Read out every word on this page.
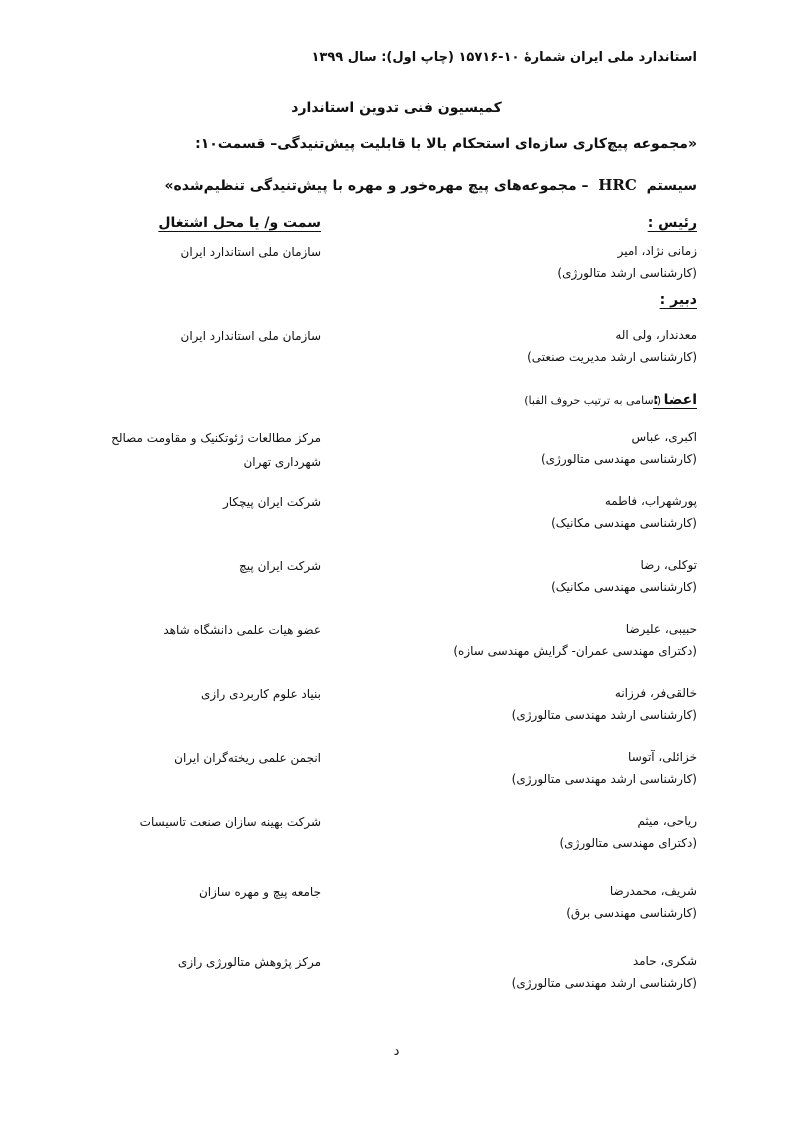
استاندارد ملی ایران شمارۀ ۱۰-۱۵۷۱۶ (چاپ اول): سال ۱۳۹۹
کمیسیون فنی تدوین استاندارد
«مجموعه پیچ‌کاری سازه‌ای استحکام بالا با قابلیت پیش‌تنیدگی– قسمت‌۱۰:
سیستم  HRC  – مجموعه‌های پیچ مهره‌خور و مهره با پیش‌تنیدگی تنظیم‌شده»
رئیس :
سمت و/ یا محل اشتغال
زمانی نژاد، امیر
(کارشناسی ارشد متالورژی)
سازمان ملی استاندارد ایران
دبیر :
معدندار، ولی اله
(کارشناسی ارشد مدیریت صنعتی)
سازمان ملی استاندارد ایران
اعضا :
(اسامی به ترتیب حروف الفبا)
اکبری، عباس
(کارشناسی مهندسی متالورژی)
مرکز مطالعات ژئوتکنیک و مقاومت مصالح
شهرداری تهران
پورشهراب، فاطمه
(کارشناسی مهندسی مکانیک)
شرکت ایران پیچکار
توکلی، رضا
(کارشناسی مهندسی مکانیک)
شرکت ایران پیچ
حبیبی، علیرضا
(دکترای مهندسی عمران- گرایش مهندسی سازه)
عضو هیات علمی دانشگاه شاهد
خالقی‌فر، فرزانه
(کارشناسی ارشد مهندسی متالورژی)
بنیاد علوم کاربردی رازی
خزائلی، آتوسا
(کارشناسی ارشد مهندسی متالورژی)
انجمن علمی ریخته‌گران ایران
ریاحی، میثم
(دکترای مهندسی متالورژی)
شرکت بهینه سازان صنعت تاسیسات
شریف، محمدرضا
(کارشناسی مهندسی برق)
جامعه پیچ و مهره سازان
شکری، حامد
(کارشناسی ارشد مهندسی متالورژی)
مرکز پژوهش متالورژی رازی
د
